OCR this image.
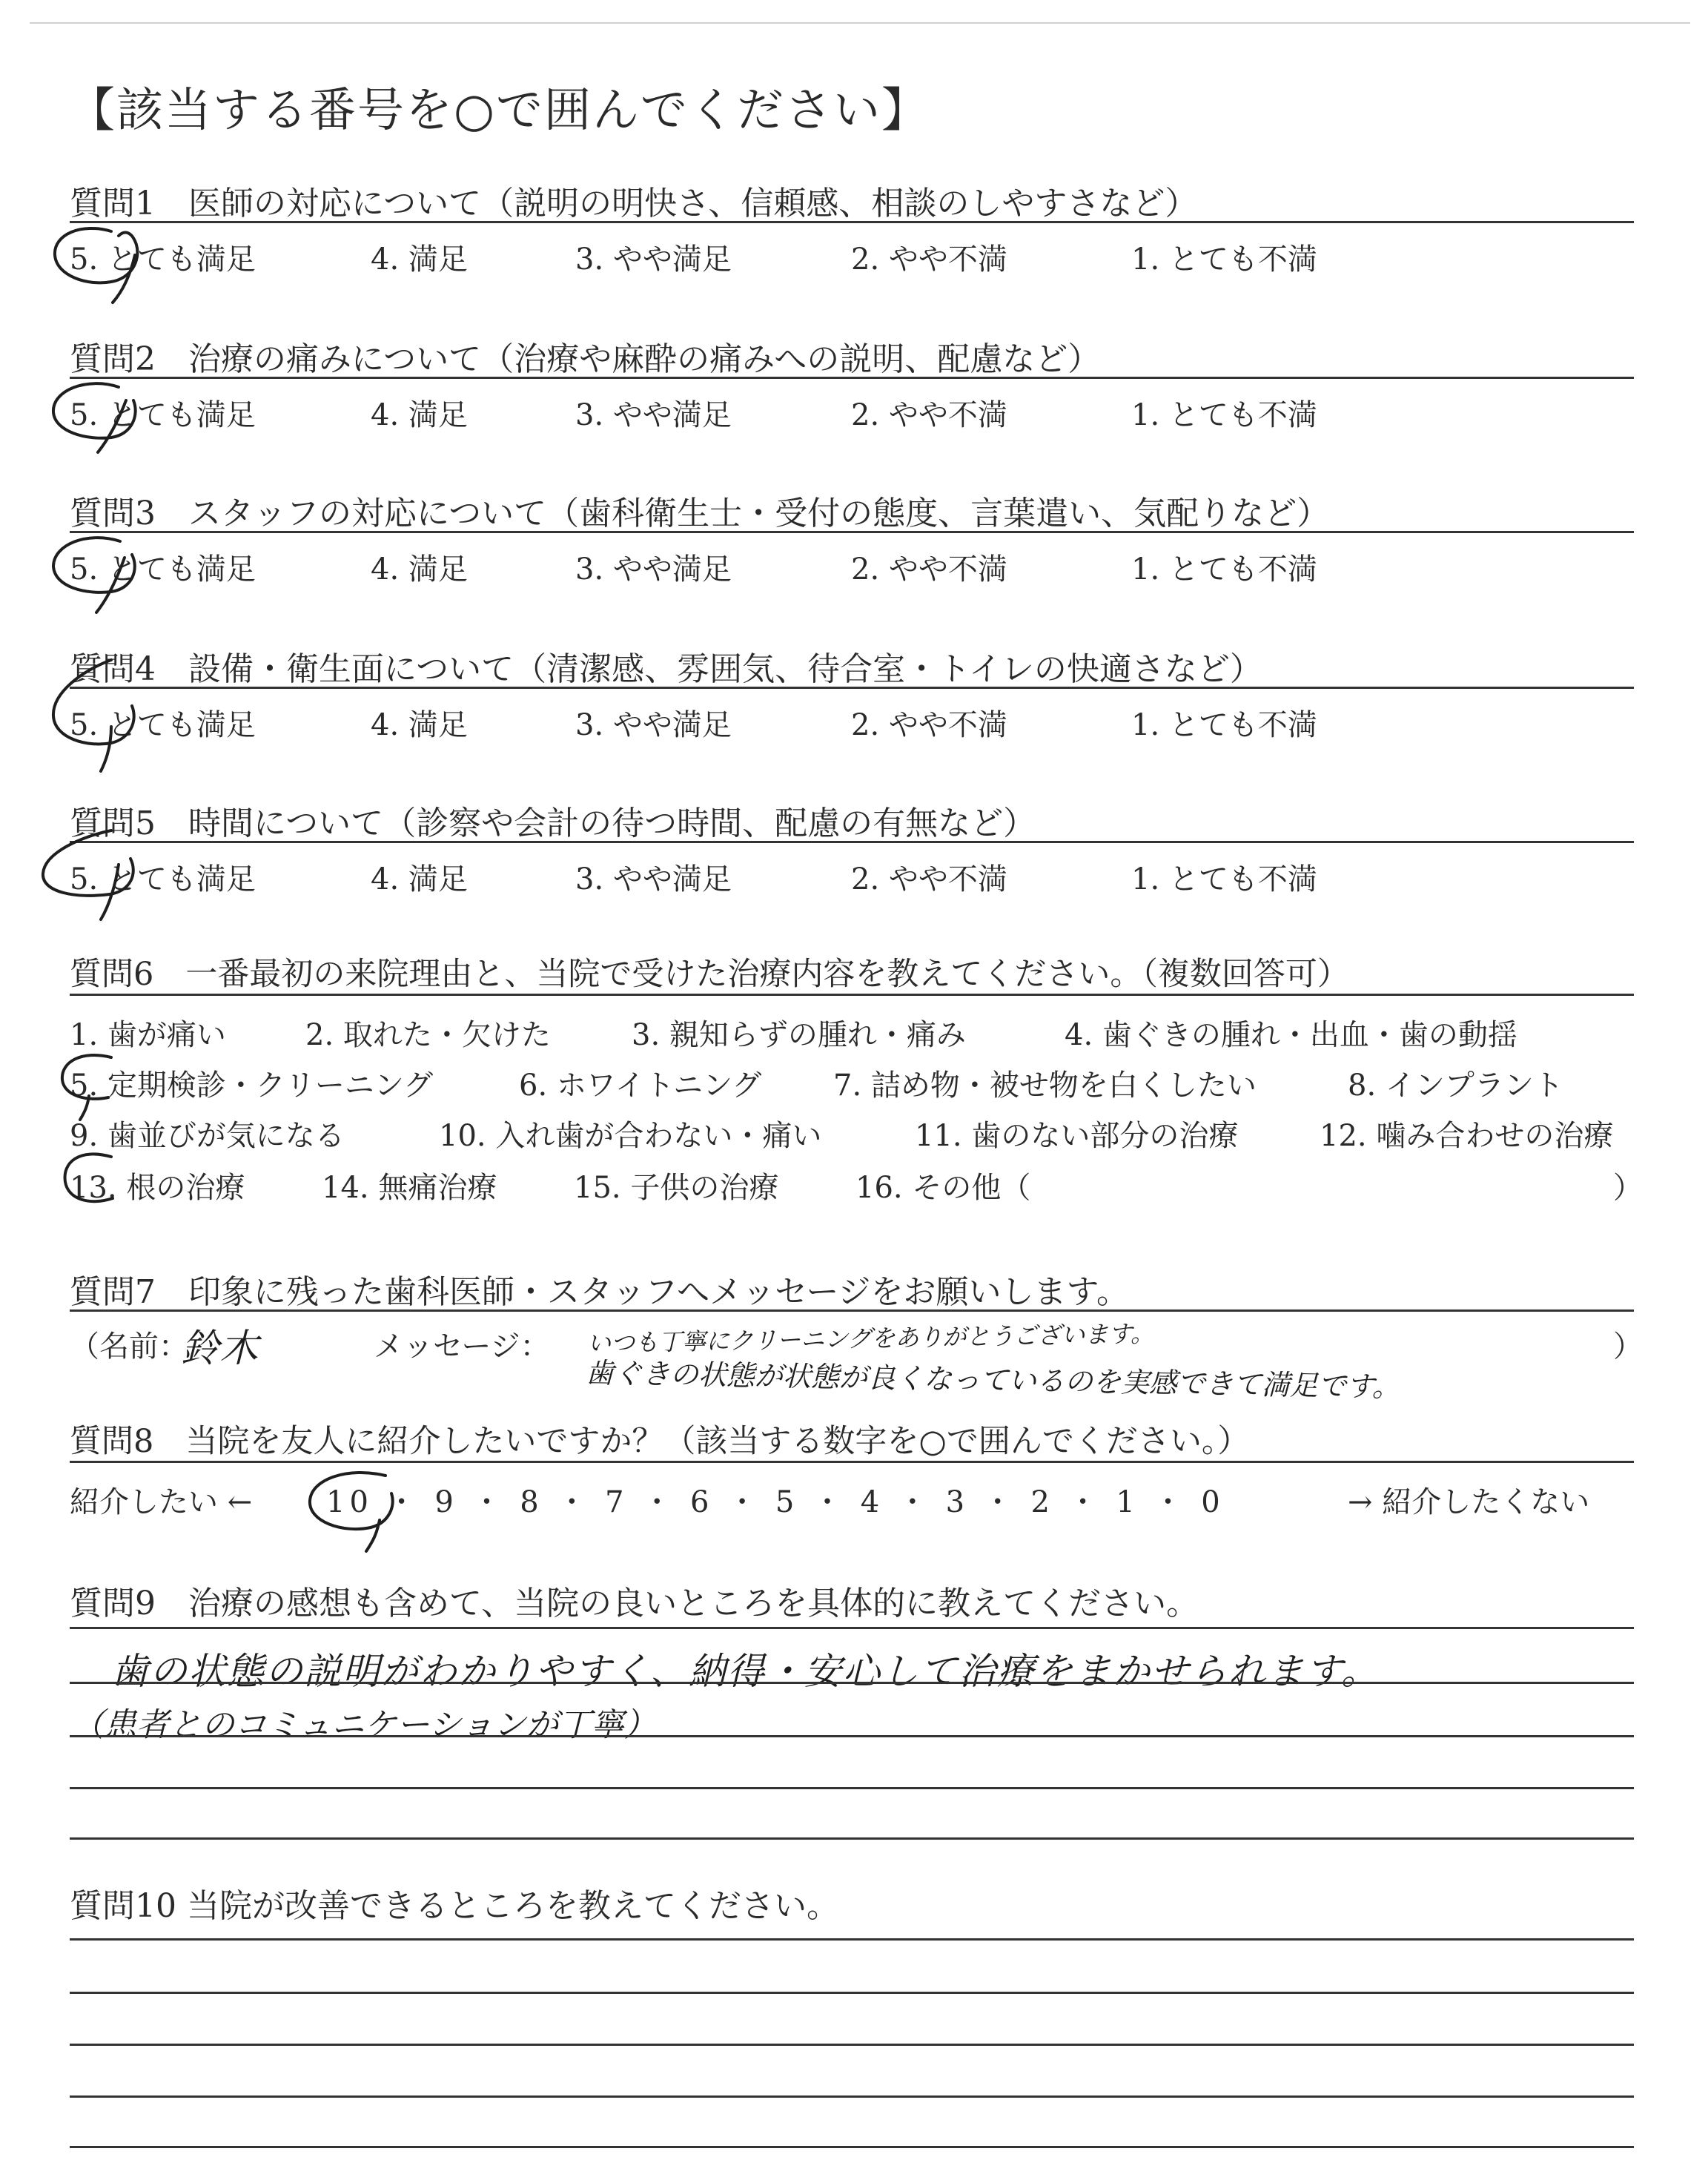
【該当する番号を○で囲んでください】
質問1　医師の対応について（説明の明快さ、信頼感、相談のしやすさなど）
5. とても満足	4. 満足	3. やや満足	2. やや不満	1. とても不満
質問2　治療の痛みについて（治療や麻酔の痛みへの説明、配慮など）
5. とても満足	4. 満足	3. やや満足	2. やや不満	1. とても不満
質問3　スタッフの対応について（歯科衛生士・受付の態度、言葉遣い、気配りなど）
5. とても満足	4. 満足	3. やや満足	2. やや不満	1. とても不満
質問4　設備・衛生面について（清潔感、雰囲気、待合室・トイレの快適さなど）
5. とても満足	4. 満足	3. やや満足	2. やや不満	1. とても不満
質問5　時間について（診察や会計の待つ時間、配慮の有無など）
5. とても満足	4. 満足	3. やや満足	2. やや不満	1. とても不満
質問6　一番最初の来院理由と、当院で受けた治療内容を教えてください。（複数回答可）
1. 歯が痛い	2. 取れた・欠けた	3. 親知らずの腫れ・痛み	4. 歯ぐきの腫れ・出血・歯の動揺
5. 定期検診・クリーニング	6. ホワイトニング 7. 詰め物・被せ物を白くしたい	8. インプラント
9. 歯並びが気になる	10. 入れ歯が合わない・痛い	11. 歯のない部分の治療	12. 噛み合わせの治療
13. 根の治療	14. 無痛治療	15. 子供の治療	16. その他（	）
質問7　印象に残った歯科医師・スタッフへメッセージをお願いします。
（名前：
鈴木	メッセージ： いつも丁寧にクリーニングをありがとうございます。
歯ぐきの状態が状態が良くなっているのを実感できて満足です。
）
質問8　当院を友人に紹介したいですか？（該当する数字を○で囲んでください。）
紹介したい ← 10 ・ 9 ・ 8 ・ 7 ・ 6 ・ 5 ・ 4 ・ 3 ・ 2 ・ 1 ・ 0	→ 紹介したくない
質問9　治療の感想も含めて、当院の良いところを具体的に教えてください。
歯の状態の説明がわかりやすく、納得・安心して治療をまかせられます。
（患者とのコミュニケーションが丁寧）
質問10 当院が改善できるところを教えてください。
